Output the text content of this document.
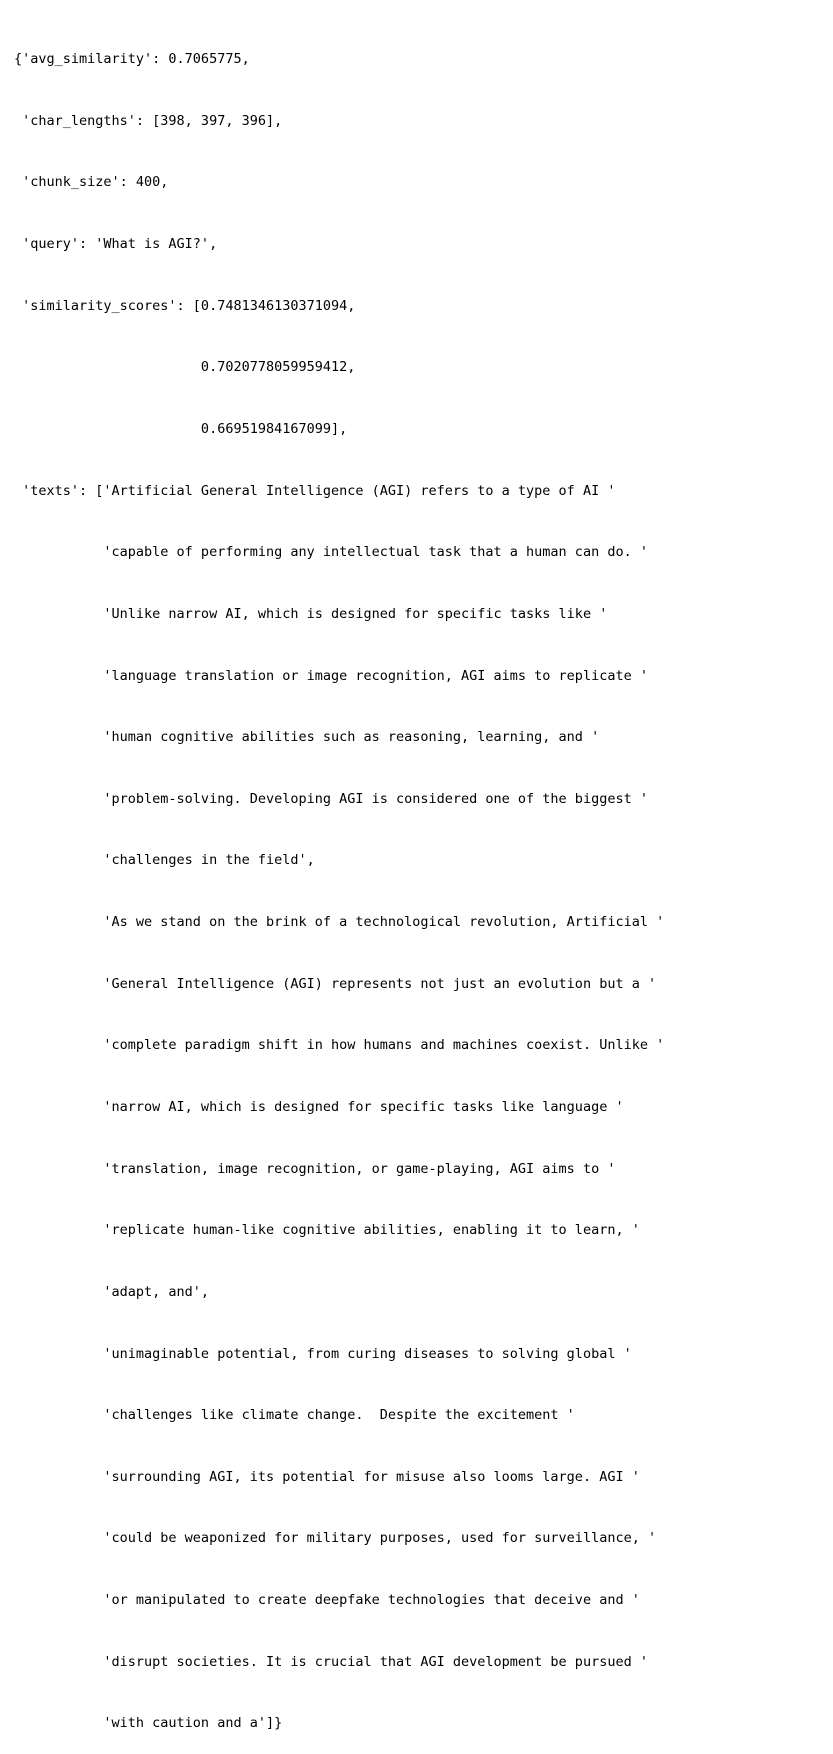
{'avg_similarity': 0.7065775,

'char_lengths': [398, 397, 396],

'chunk_size': 400,

'query': 'What is AGI?',

'similarity_scores': [0.7481346130371094,

0.7020778059959412,

0.66951984167099],

'texts': ['Artificial General Intelligence (AGI) refers to a type of AI '

'capable of performing any intellectual task that a human can do. '

'Unlike narrow AI, which is designed for specific tasks like '

'language translation or image recognition, AGI aims to replicate '

'human cognitive abilities such as reasoning, learning, and '

'problem-solving. Developing AGI is considered one of the biggest '

'challenges in the field',

'As we stand on the brink of a technological revolution, Artificial '

'General Intelligence (AGI) represents not just an evolution but a '

'complete paradigm shift in how humans and machines coexist. Unlike '

'narrow AI, which is designed for specific tasks like language '

'translation, image recognition, or game-playing, AGI aims to '

'replicate human-like cognitive abilities, enabling it to learn, '

'adapt, and',

'unimaginable potential, from curing diseases to solving global '

'challenges like climate change.  Despite the excitement '

'surrounding AGI, its potential for misuse also looms large. AGI '

'could be weaponized for military purposes, used for surveillance, '

'or manipulated to create deepfake technologies that deceive and '

'disrupt societies. It is crucial that AGI development be pursued '

'with caution and a']}
